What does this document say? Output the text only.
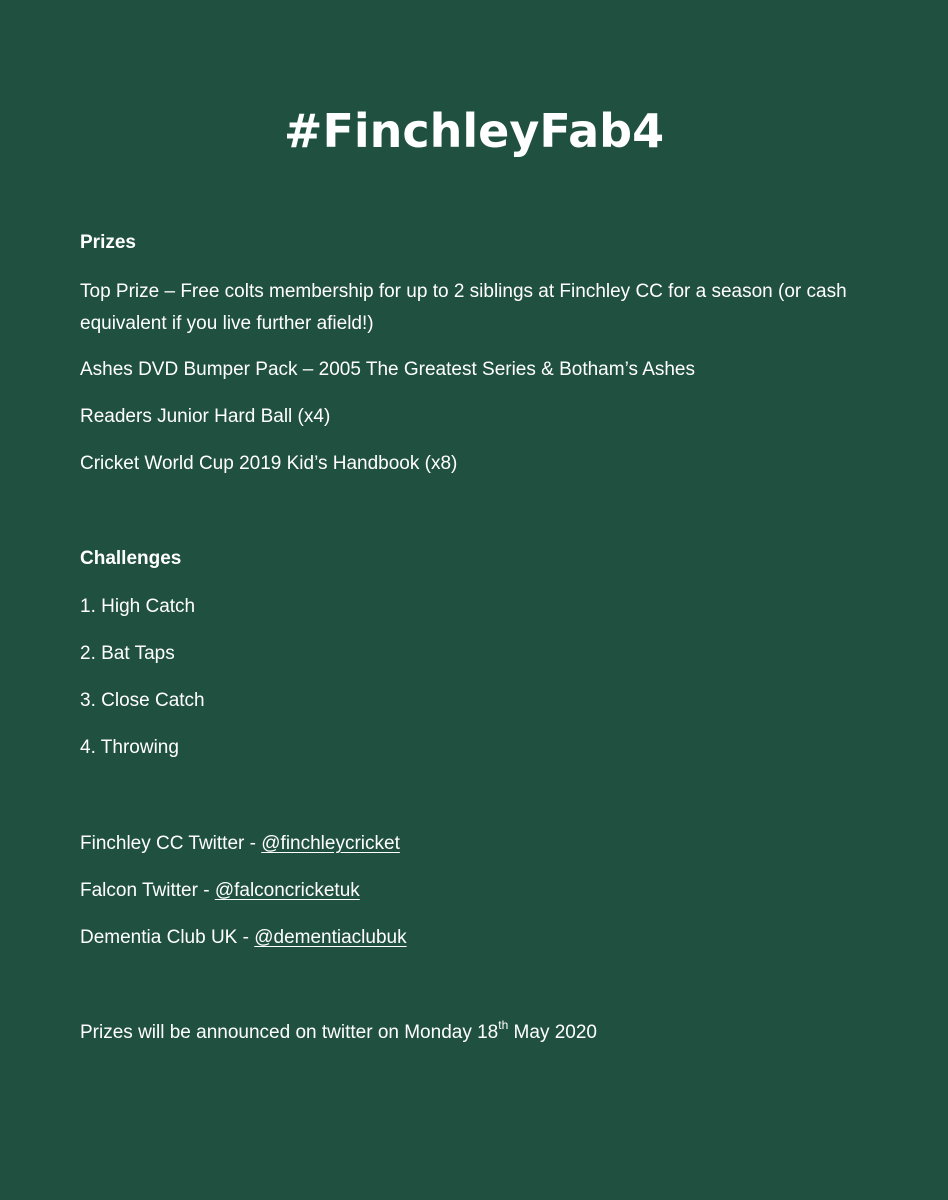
#FinchleyFab4

Prizes

Top Prize – Free colts membership for up to 2 siblings at Finchley CC for a season (or cash equivalent if you live further afield!)

Ashes DVD Bumper Pack – 2005 The Greatest Series & Botham’s Ashes

Readers Junior Hard Ball (x4)

Cricket World Cup 2019 Kid’s Handbook (x8)

Challenges

1. High Catch

2. Bat Taps

3. Close Catch

4. Throwing

Finchley CC Twitter - @finchleycricket

Falcon Twitter - @falconcricketuk

Dementia Club UK - @dementiaclubuk

Prizes will be announced on twitter on Monday 18th May 2020
